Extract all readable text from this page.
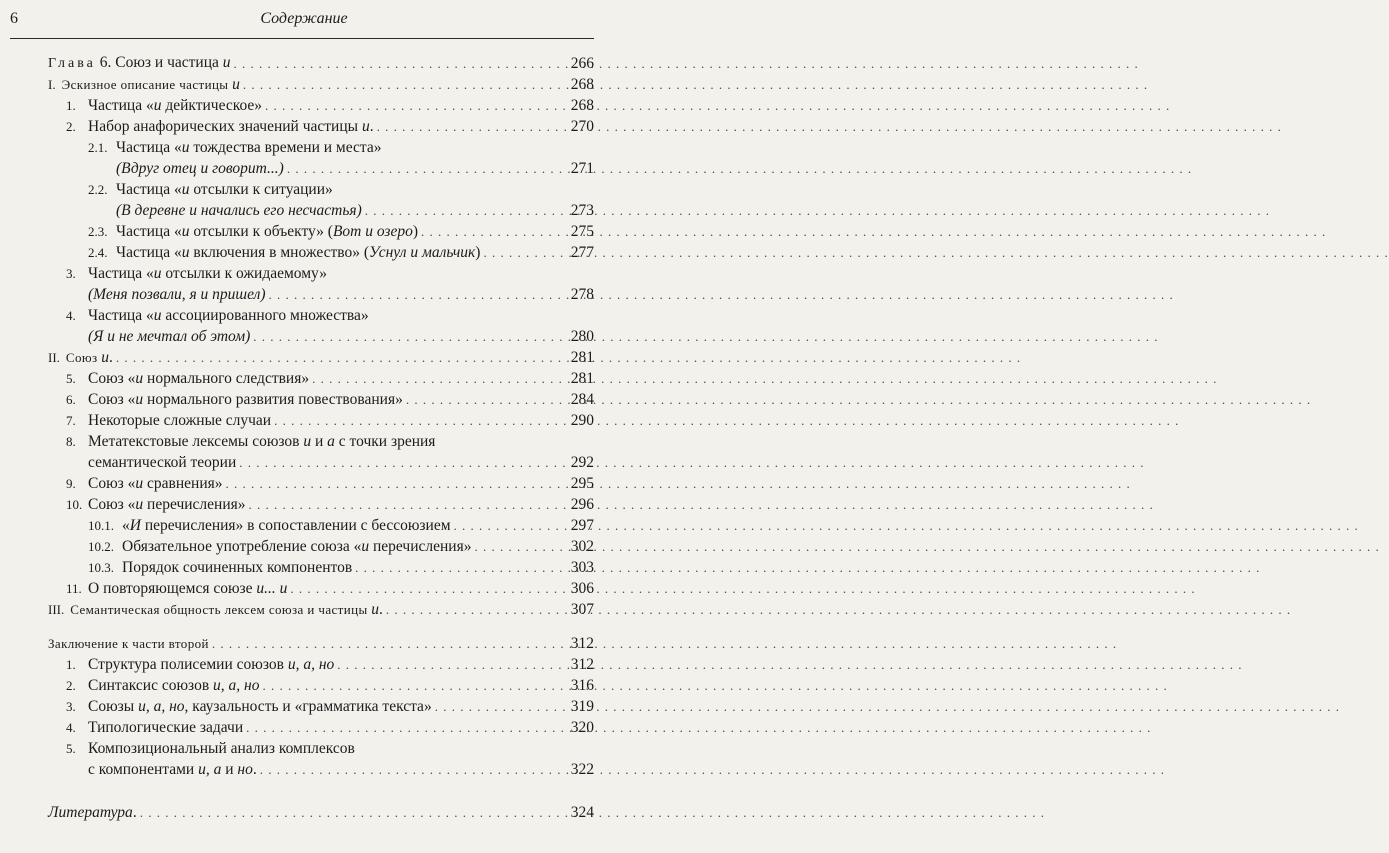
6	Содержание
Глава 6. Союз и частица и . . .	266
I. Эскизное описание частицы и . . .	268
1. Частица «и дейктическое» . . .	268
2. Набор анафорических значений частицы и. . . .	270
2.1. Частица «и тождества времени и места»
(Вдруг отец и говорит...) . . .	271
2.2. Частица «и отсылки к ситуации»
(В деревне и начались его несчастья) . . .	273
2.3. Частица «и отсылки к объекту» (Вот и озеро) . . .	275
2.4. Частица «и включения в множество» (Уснул и мальчик) . . .	277
3. Частица «и отсылки к ожидаемому»
(Меня позвали, я и пришел) . . .	278
4. Частица «и ассоциированного множества»
(Я и не мечтал об этом) . . .	280
II. Союз и. . . .	281
5. Союз «и нормального следствия» . . .	281
6. Союз «и нормального развития повествования» . . .	284
7. Некоторые сложные случаи . . .	290
8. Метатекстовые лексемы союзов и и а с точки зрения
семантической теории . . .	292
9. Союз «и сравнения» . . .	295
10. Союз «и перечисления» . . .	296
10.1. «И перечисления» в сопоставлении с бессоюзием . . .	297
10.2. Обязательное употребление союза «и перечисления» . . .	302
10.3. Порядок сочиненных компонентов . . .	303
11. О повторяющемся союзе и... и . . .	306
III. Семантическая общность лексем союза и частицы и. . . .	307
Заключение к части второй . . .	312
1. Структура полисемии союзов и, а, но . . .	312
2. Синтаксис союзов и, а, но . . .	316
3. Союзы и, а, но, каузальность и «грамматика текста» . . .	319
4. Типологические задачи . . .	320
5. Композициональный анализ комплексов
с компонентами и, а и но. . . .	322
Литература. . . .	324
